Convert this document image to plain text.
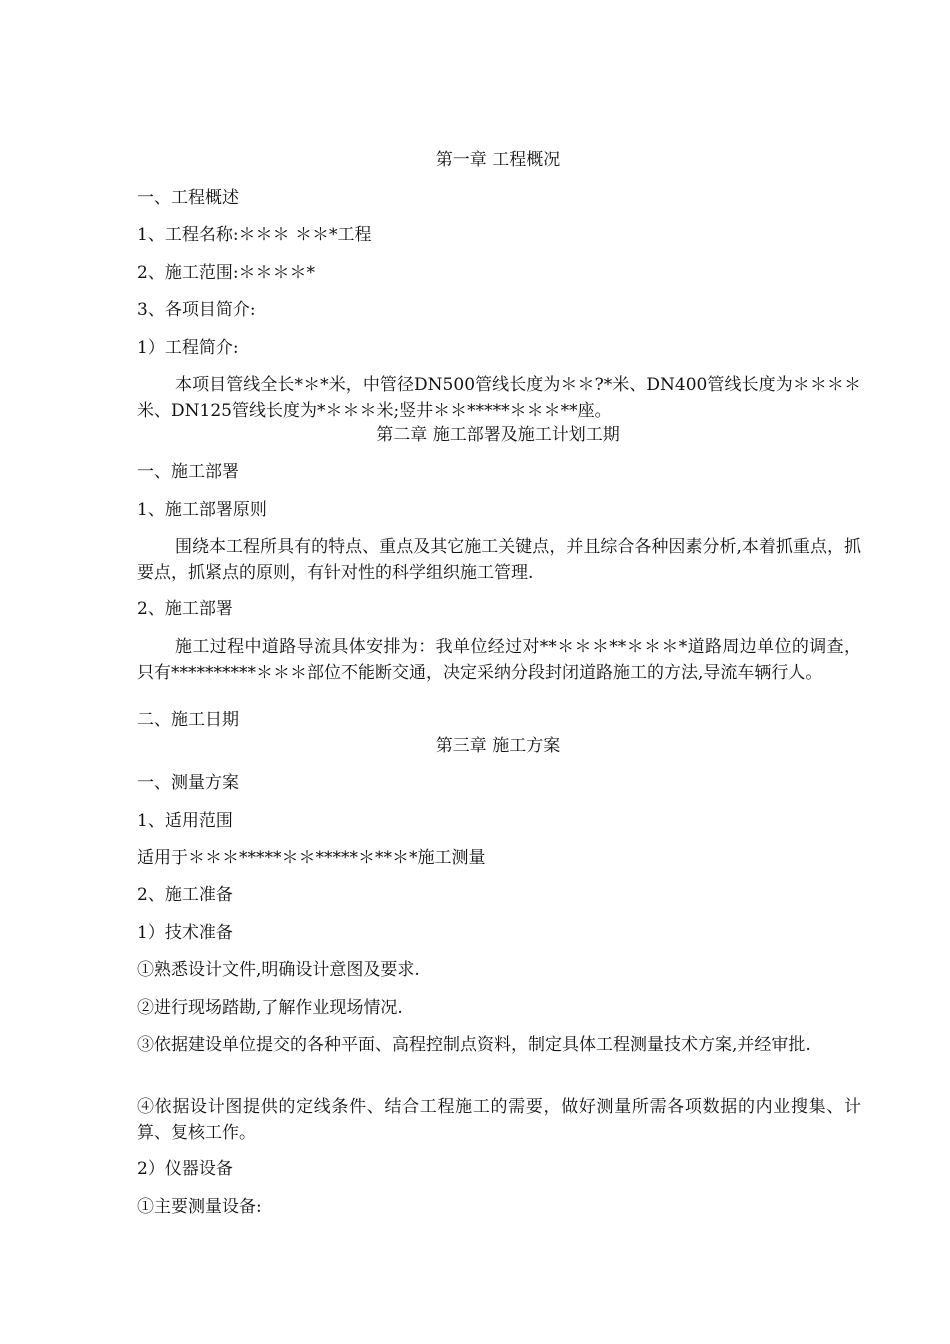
第一章 工程概况
一、工程概述
1、工程名称:＊＊＊ ＊＊*工程
2、施工范围:＊＊＊＊*
3、各项目简介:
1）工程简介:
本项目管线全长*＊*米，中管径DN500管线长度为＊＊?*米、DN400管线长度为＊＊＊＊米、DN125管线长度为*＊＊＊米;竖井＊＊*****＊＊＊**座。
第二章 施工部署及施工计划工期
一、施工部署
1、施工部署原则
围绕本工程所具有的特点、重点及其它施工关键点，并且综合各种因素分析,本着抓重点，抓要点，抓紧点的原则，有针对性的科学组织施工管理.
2、施工部署
施工过程中道路导流具体安排为：我单位经过对**＊＊＊**＊＊＊*道路周边单位的调查，只有**********＊＊＊部位不能断交通，决定采纳分段封闭道路施工的方法,导流车辆行人。
二、施工日期
第三章 施工方案
一、测量方案
1、适用范围
适用于＊＊＊*****＊＊*****＊**＊*施工测量
2、施工准备
1）技术准备
①熟悉设计文件,明确设计意图及要求.
②进行现场踏勘,了解作业现场情况.
③依据建设单位提交的各种平面、高程控制点资料，制定具体工程测量技术方案,并经审批.
④依据设计图提供的定线条件、结合工程施工的需要，做好测量所需各项数据的内业搜集、计算、复核工作。
2）仪器设备
①主要测量设备:
